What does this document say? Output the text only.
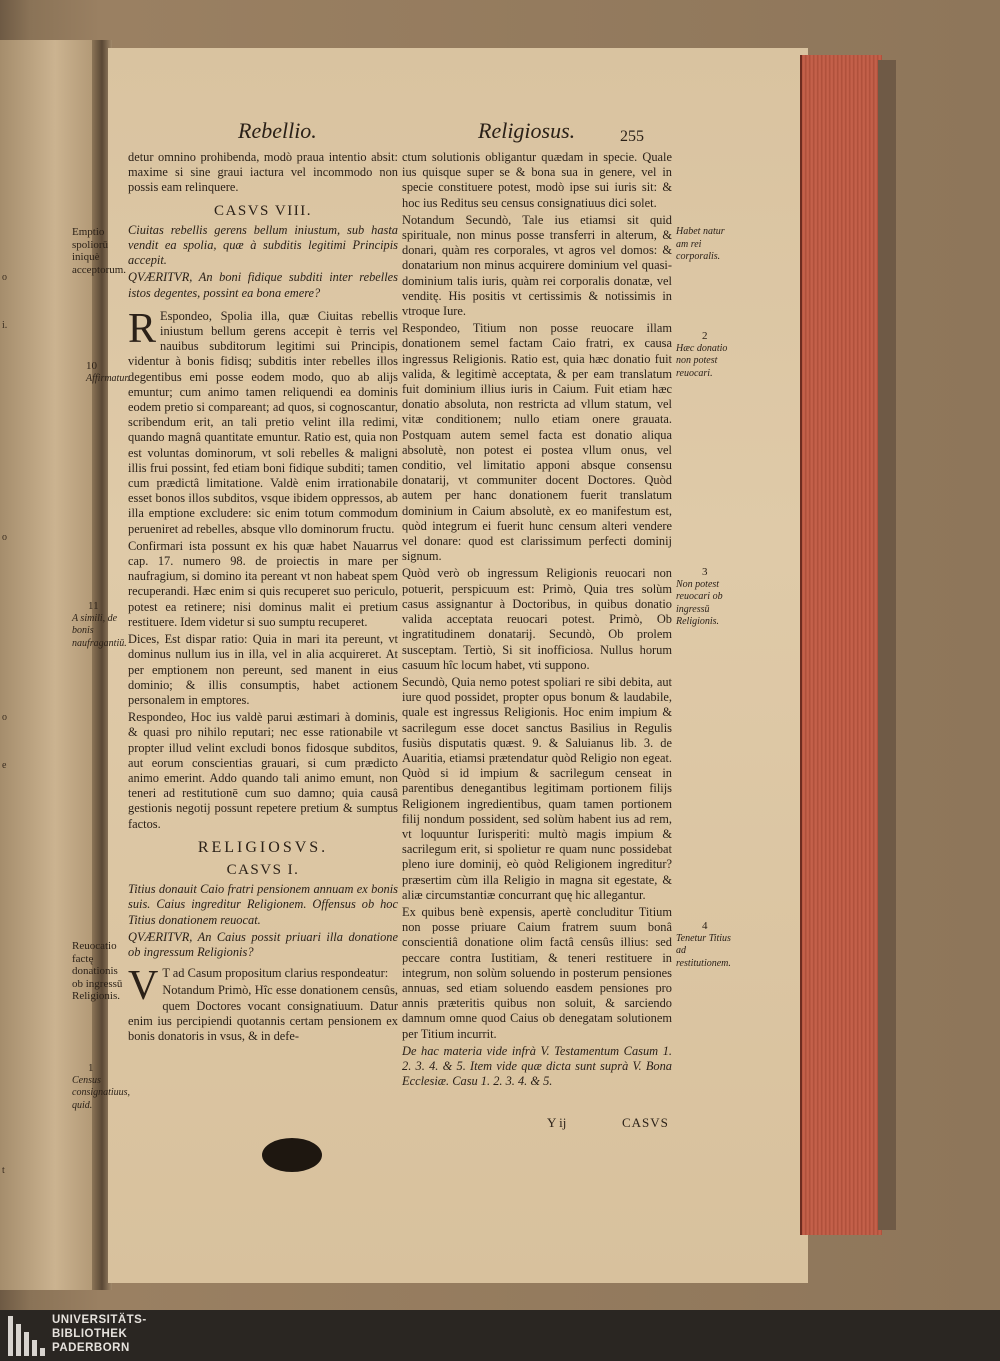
o
i.
o
o
e
t
Rebellio.	Religiosus.	255

detur omnino prohibenda, modò praua intentio absit: maxime si sine graui iactura vel incommodo non possis eam relinquere.

CASVS VIII.

Ciuitas rebellis gerens bellum iniustum, sub hasta vendit ea spolia, quæ à subditis legitimi Principis accepit.

QVÆRITVR, An boni fidique subditi inter rebelles istos degentes, possint ea bona emere?

R Espondeo, Spolia illa, quæ Ciuitas rebellis iniustum bellum gerens accepit è terris vel nauibus subditorum legitimi sui Principis, videntur à bonis fidisq; subditis inter rebelles illos degentibus emi posse eodem modo, quo ab alijs emuntur; cum animo tamen reliquendi ea dominis eodem pretio si compareant; ad quos, si cognoscantur, scribendum erit, an tali pretio velint illa redimi, quando magnâ quantitate emuntur. Ratio est, quia non est voluntas dominorum, vt soli rebelles & maligni illis frui possint, fed etiam boni fidique subditi; tamen cum prædictâ limitatione. Valdè enim irrationabile esset bonos illos subditos, vsque ibidem oppressos, ab illa emptione excludere: sic enim totum commodum perueniret ad rebelles, absque vllo dominorum fructu.

Confirmari ista possunt ex his quæ habet Nauarrus cap. 17. numero 98. de proiectis in mare per naufragium, si domino ita pereant vt non habeat spem recuperandi. Hæc enim si quis recuperet suo periculo, potest ea retinere; nisi dominus malit ei pretium restituere. Idem videtur si suo sumptu recuperet.

Dices, Est dispar ratio: Quia in mari ita pereunt, vt dominus nullum ius in illa, vel in alia acquireret. At per emptionem non pereunt, sed manent in eius dominio; & illis consumptis, habet actionem personalem in emptores.

Respondeo, Hoc ius valdè parui æstimari à dominis, & quasi pro nihilo reputari; nec esse rationabile vt propter illud velint excludi bonos fidosque subditos, aut eorum conscientias grauari, si cum prædicto animo emerint. Addo quando tali animo emunt, non teneri ad restitutionē cum suo damno; quia causâ gestionis negotij possunt repetere pretium & sumptus factos.

RELIGIOSVS.
CASVS I.

Titius donauit Caio fratri pensionem annuam ex bonis suis. Caius ingreditur Religionem. Offensus ob hoc Titius donationem reuocat.

QVÆRITVR, An Caius possit priuari illa donatione ob ingressum Religionis?

V T ad Casum propositum clarius respondeatur:

Notandum Primò, Hîc esse donationem censûs, quem Doctores vocant consignatiuum. Datur enim ius percipiendi quotannis certam pensionem ex bonis donatoris in vsus, & in defe-

ctum solutionis obligantur quædam in specie. Quale ius quisque super se & bona sua in genere, vel in specie constituere potest, modò ipse sui iuris sit: & hoc ius Reditus seu census consignatiuus dici solet.

Notandum Secundò, Tale ius etiamsi sit quid spirituale, non minus posse transferri in alterum, & donari, quàm res corporales, vt agros vel domos: & donatarium non minus acquirere dominium vel quasi-dominium talis iuris, quàm rei corporalis donatæ, vel venditę. His positis vt certissimis & notissimis in vtroque Iure.

Respondeo, Titium non posse reuocare illam donationem semel factam Caio fratri, ex causa ingressus Religionis. Ratio est, quia hæc donatio fuit valida, & legitimè acceptata, & per eam translatum fuit dominium illius iuris in Caium. Fuit etiam hæc donatio absoluta, non restricta ad vllum statum, vel vitæ conditionem; nullo etiam onere grauata. Postquam autem semel facta est donatio aliqua absolutè, non potest ei postea vllum onus, vel conditio, vel limitatio apponi absque consensu donatarij, vt communiter docent Doctores. Quòd autem per hanc donationem fuerit translatum dominium in Caium absolutè, ex eo manifestum est, quòd integrum ei fuerit hunc censum alteri vendere vel donare: quod est clarissimum perfecti dominij signum.

Quòd verò ob ingressum Religionis reuocari non potuerit, perspicuum est: Primò, Quia tres solùm casus assignantur à Doctoribus, in quibus donatio valida acceptata reuocari potest. Primò, Ob ingratitudinem donatarij. Secundò, Ob prolem susceptam. Tertiò, Si sit inofficiosa. Nullus horum casuum hîc locum habet, vti suppono.

Secundò, Quia nemo potest spoliari re sibi debita, aut iure quod possidet, propter opus bonum & laudabile, quale est ingressus Religionis. Hoc enim impium & sacrilegum esse docet sanctus Basilius in Regulis fusiùs disputatis quæst. 9. & Saluianus lib. 3. de Auaritia, etiamsi prætendatur quòd Religio non egeat. Quòd si id impium & sacrilegum censeat in parentibus denegantibus legitimam portionem filijs Religionem ingredientibus, quam tamen portionem filij nondum possident, sed solùm habent ius ad rem, vt loquuntur Iurisperiti: multò magis impium & sacrilegum erit, si spolietur re quam nunc possidebat pleno iure dominij, eò quòd Religionem ingreditur? præsertim cùm illa Religio in magna sit egestate, & aliæ circumstantiæ concurrant quę hic allegantur.

Ex quibus benè expensis, apertè concluditur Titium non posse priuare Caium fratrem suum bonâ conscientiâ donatione olim factâ censûs illius: sed peccare contra Iustitiam, & teneri restituere in integrum, non solùm soluendo in posterum pensiones annuas, sed etiam soluendo easdem pensiones pro annis præteritis quibus non soluit, & sarciendo damnum omne quod Caius ob denegatam solutionem per Titium incurrit.

De hac materia vide infrà V. Testamentum Casum 1. 2. 3. 4. & 5. Item vide quæ dicta sunt suprà V. Bona Ecclesiæ. Casu 1. 2. 3. 4. & 5.

Emptio spoliorū iniquè acceptorum.
10
Affirmatur.
11
A simili, de bonis naufragantiū.
Reuocatio factę donationis ob ingressū Religionis.
1
Census consignatiuus, quid.
Habet natur am rei corporalis.
2
Hæc donatio non potest reuocari.
3
Non potest reuocari ob ingressū Religionis.
4
Tenetur Titius ad restitutionem.
Y ij	CASVS
UNIVERSITÄTS-
BIBLIOTHEK
PADERBORN
